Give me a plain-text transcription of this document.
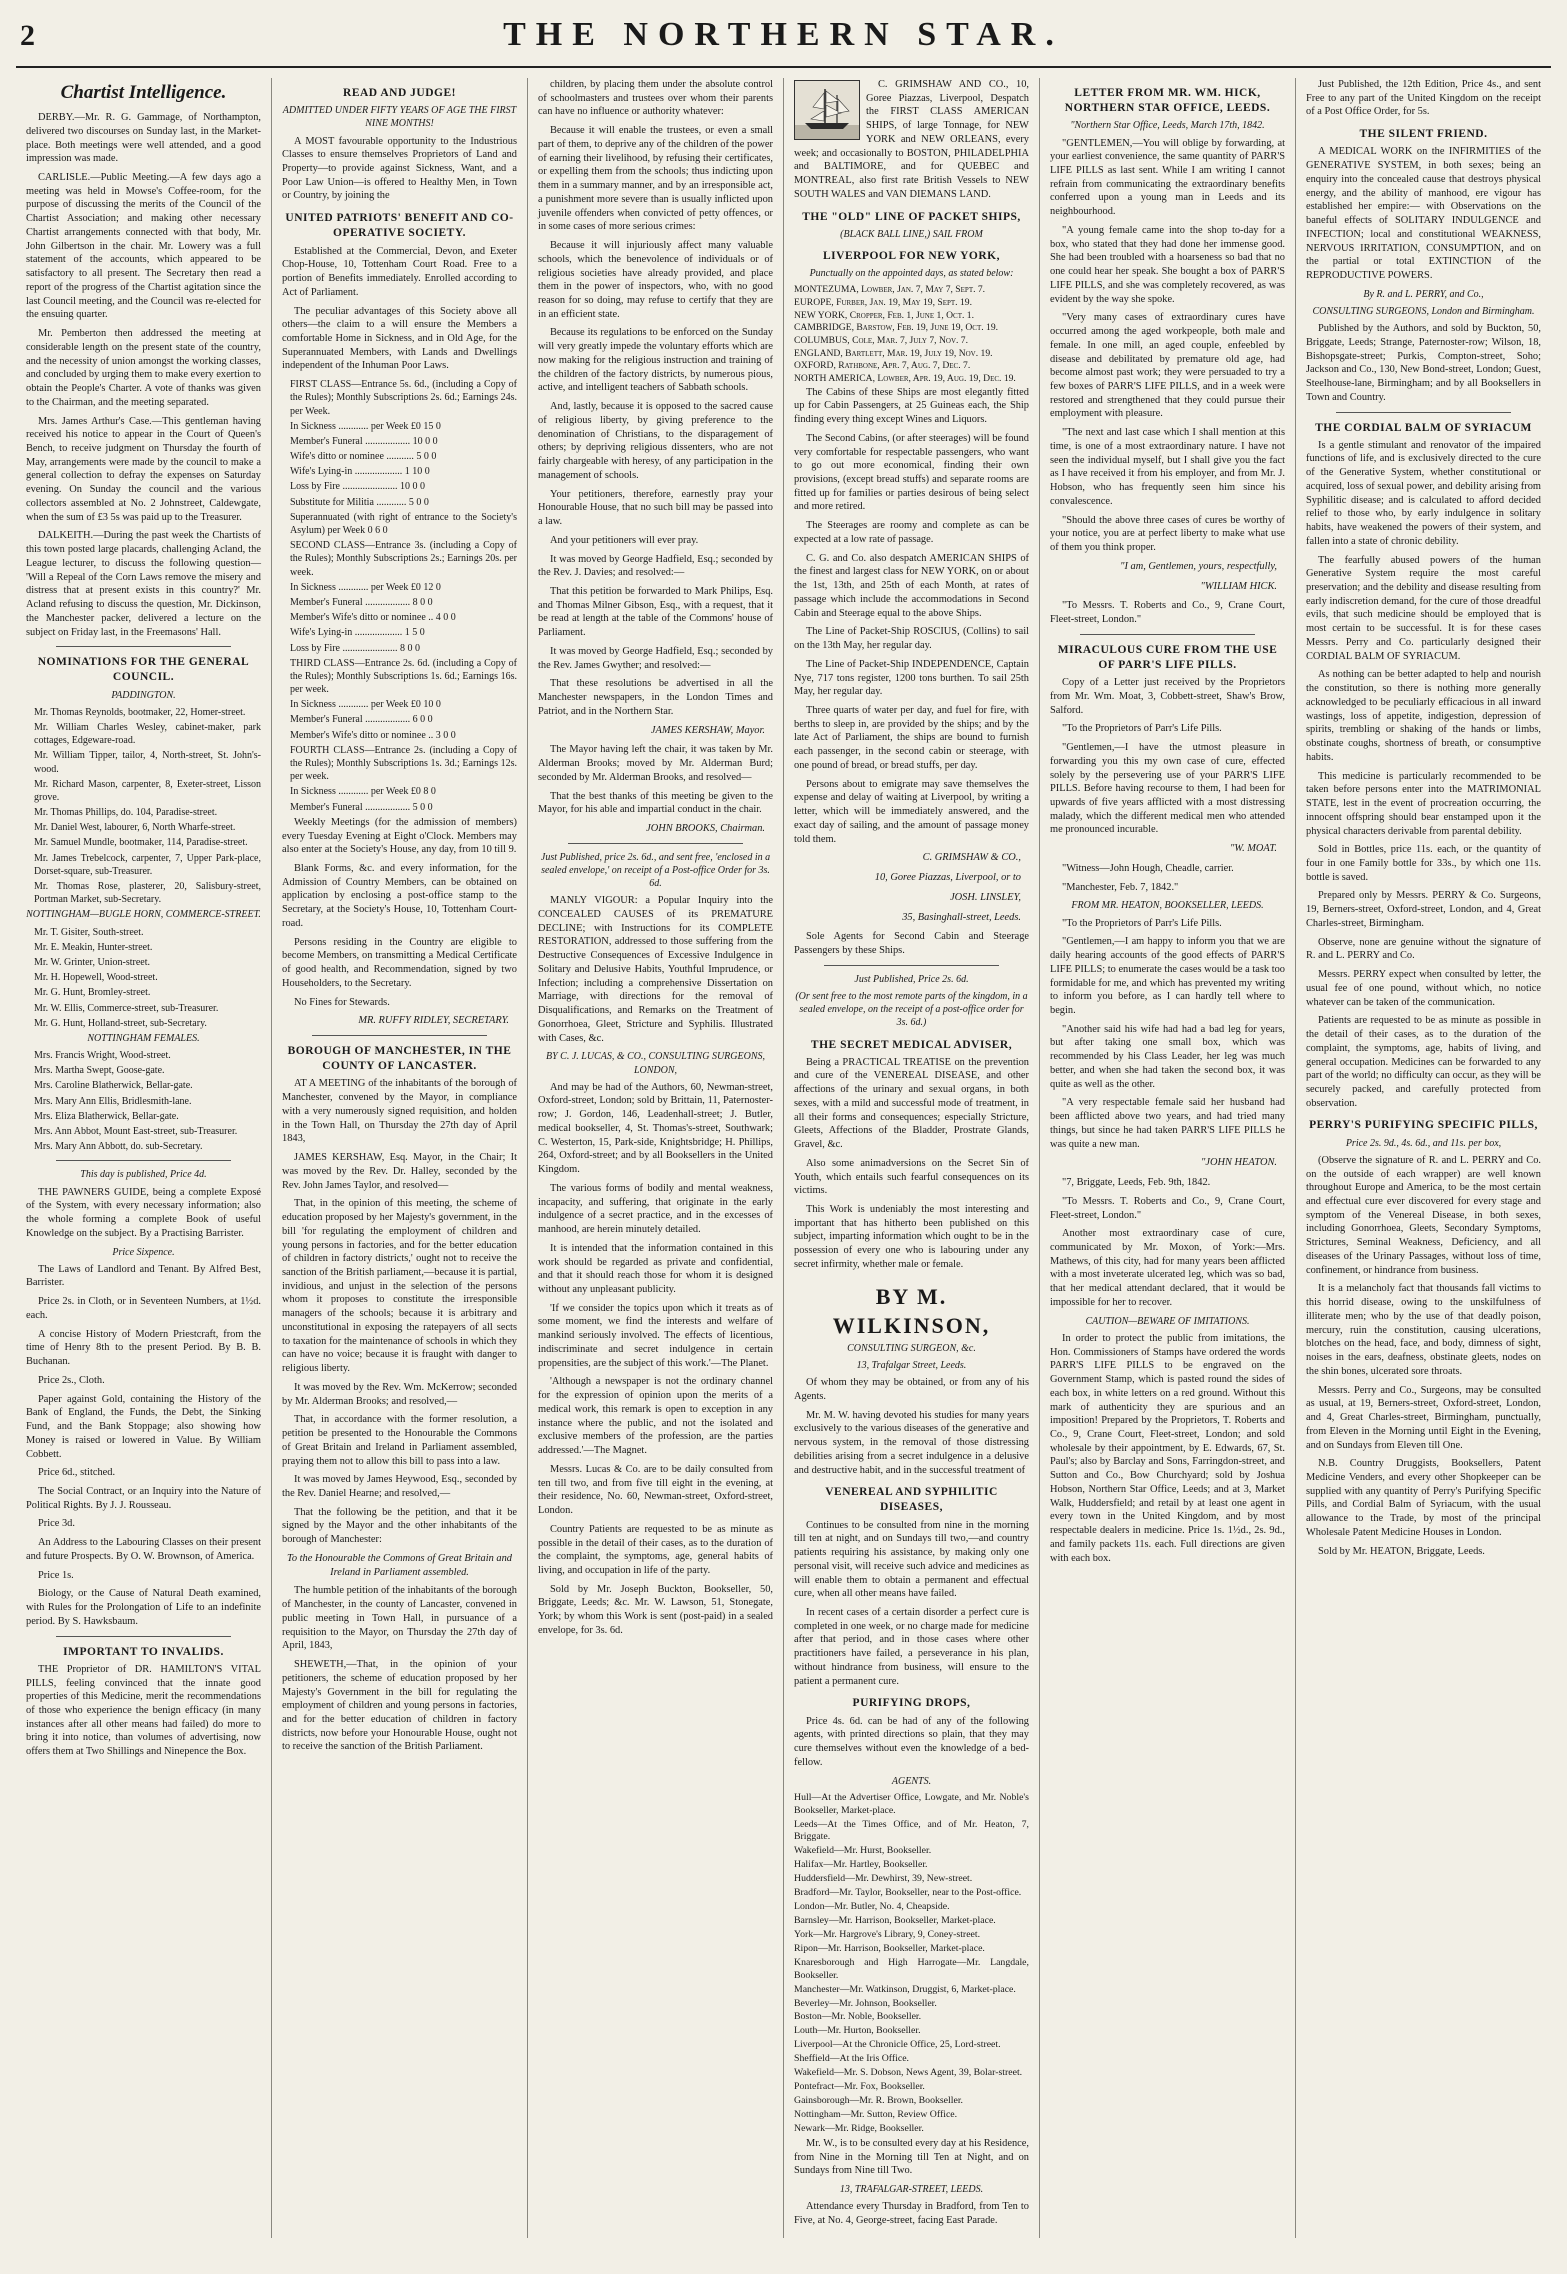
2	THE NORTHERN STAR.
Chartist Intelligence.

DERBY.—Mr. R. G. Gammage, of Northampton, delivered two discourses on Sunday last, in the Market-place. Both meetings were well attended, and a good impression was made.

CARLISLE.—Public Meeting.—A few days ago a meeting was held in Mowse's Coffee-room, for the purpose of discussing the merits of the Council of the Chartist Association; and making other necessary Chartist arrangements connected with that body, Mr. John Gilbertson in the chair. Mr. Lowery was a full statement of the accounts, which appeared to be satisfactory to all present. The Secretary then read a report of the progress of the Chartist agitation since the last Council meeting, and the Council was re-elected for the ensuing quarter.

Mr. Pemberton then addressed the meeting at considerable length on the present state of the country, and the necessity of union amongst the working classes, and concluded by urging them to make every exertion to obtain the People's Charter. A vote of thanks was given to the Chairman, and the meeting separated.

Mrs. James Arthur's Case.—This gentleman having received his notice to appear in the Court of Queen's Bench, to receive judgment on Thursday the fourth of May, arrangements were made by the council to make a general collection to defray the expenses on Saturday evening. On Sunday the council and the various collectors assembled at No. 2 Johnstreet, Caldewgate, when the sum of £3 5s was paid up to the Treasurer.

DALKEITH.—During the past week the Chartists of this town posted large placards, challenging Acland, the League lecturer, to discuss the following question— 'Will a Repeal of the Corn Laws remove the misery and distress that at present exists in this country?' Mr. Acland refusing to discuss the question, Mr. Dickinson, the Manchester packer, delivered a lecture on the subject on Friday last, in the Freemasons' Hall.

NOMINATIONS FOR THE GENERAL COUNCIL.
PADDINGTON.

Mr. Thomas Reynolds, bootmaker, 22, Homer-street.

Mr. William Charles Wesley, cabinet-maker, park cottages, Edgeware-road.

Mr. William Tipper, tailor, 4, North-street, St. John's-wood.

Mr. Richard Mason, carpenter, 8, Exeter-street, Lisson grove.

Mr. Thomas Phillips, do. 104, Paradise-street.

Mr. Daniel West, labourer, 6, North Wharfe-street.

Mr. Samuel Mundle, bootmaker, 114, Paradise-street.

Mr. James Trebelcock, carpenter, 7, Upper Park-place, Dorset-square, sub-Treasurer.

Mr. Thomas Rose, plasterer, 20, Salisbury-street, Portman Market, sub-Secretary.

NOTTINGHAM—BUGLE HORN, COMMERCE-STREET.

Mr. T. Gisiter, South-street.

Mr. E. Meakin, Hunter-street.

Mr. W. Grinter, Union-street.

Mr. H. Hopewell, Wood-street.

Mr. G. Hunt, Bromley-street.

Mr. W. Ellis, Commerce-street, sub-Treasurer.

Mr. G. Hunt, Holland-street, sub-Secretary.

NOTTINGHAM FEMALES.

Mrs. Francis Wright, Wood-street.

Mrs. Martha Swept, Goose-gate.

Mrs. Caroline Blatherwick, Bellar-gate.

Mrs. Mary Ann Ellis, Bridlesmith-lane.

Mrs. Eliza Blatherwick, Bellar-gate.

Mrs. Ann Abbot, Mount East-street, sub-Treasurer.

Mrs. Mary Ann Abbott, do. sub-Secretary.

This day is published, Price 4d.

THE PAWNERS GUIDE, being a complete Exposé of the System, with every necessary information; also the whole forming a complete Book of useful Knowledge on the subject. By a Practising Barrister.

Price Sixpence.

The Laws of Landlord and Tenant. By Alfred Best, Barrister.

Price 2s. in Cloth, or in Seventeen Numbers, at 1½d. each.

A concise History of Modern Priestcraft, from the time of Henry 8th to the present Period. By B. B. Buchanan.

Price 2s., Cloth.

Paper against Gold, containing the History of the Bank of England, the Funds, the Debt, the Sinking Fund, and the Bank Stoppage; also showing how Money is raised or lowered in Value. By William Cobbett.

Price 6d., stitched.

The Social Contract, or an Inquiry into the Nature of Political Rights. By J. J. Rousseau.

Price 3d.

An Address to the Labouring Classes on their present and future Prospects. By O. W. Brownson, of America.

Price 1s.

Biology, or the Cause of Natural Death examined, with Rules for the Prolongation of Life to an indefinite period. By S. Hawksbaum.

IMPORTANT TO INVALIDS.

THE Proprietor of DR. HAMILTON'S VITAL PILLS, feeling convinced that the innate good properties of this Medicine, merit the recommendations of those who experience the benign efficacy (in many instances after all other means had failed) do more to bring it into notice, than volumes of advertising, now offers them at Two Shillings and Ninepence the Box.

READ AND JUDGE!
ADMITTED UNDER FIFTY YEARS OF AGE THE FIRST NINE MONTHS!

A MOST favourable opportunity to the Industrious Classes to ensure themselves Proprietors of Land and Property—to provide against Sickness, Want, and a Poor Law Union—is offered to Healthy Men, in Town or Country, by joining the

UNITED PATRIOTS' BENEFIT AND CO-OPERATIVE SOCIETY.

Established at the Commercial, Devon, and Exeter Chop-House, 10, Tottenham Court Road. Free to a portion of Benefits immediately. Enrolled according to Act of Parliament.

The peculiar advantages of this Society above all others—the claim to a will ensure the Members a comfortable Home in Sickness, and in Old Age, for the Superannuated Members, with Lands and Dwellings independent of the Inhuman Poor Laws.

FIRST CLASS—Entrance 5s. 6d., (including a Copy of the Rules); Monthly Subscriptions 2s. 6d.; Earnings 24s. per Week.

In Sickness ............ per Week £0 15 0

Member's Funeral .................. 10 0 0

Wife's ditto or nominee ........... 5 0 0

Wife's Lying-in ................... 1 10 0

Loss by Fire ...................... 10 0 0

Substitute for Militia ............ 5 0 0

Superannuated (with right of entrance to the Society's Asylum) per Week 0 6 0

SECOND CLASS—Entrance 3s. (including a Copy of the Rules); Monthly Subscriptions 2s.; Earnings 20s. per week.

In Sickness ............ per Week £0 12 0

Member's Funeral .................. 8 0 0

Member's Wife's ditto or nominee .. 4 0 0

Wife's Lying-in ................... 1 5 0

Loss by Fire ...................... 8 0 0

THIRD CLASS—Entrance 2s. 6d. (including a Copy of the Rules); Monthly Subscriptions 1s. 6d.; Earnings 16s. per week.

In Sickness ............ per Week £0 10 0

Member's Funeral .................. 6 0 0

Member's Wife's ditto or nominee .. 3 0 0

FOURTH CLASS—Entrance 2s. (including a Copy of the Rules); Monthly Subscriptions 1s. 3d.; Earnings 12s. per week.

In Sickness ............ per Week £0 8 0

Member's Funeral .................. 5 0 0

Weekly Meetings (for the admission of members) every Tuesday Evening at Eight o'Clock. Members may also enter at the Society's House, any day, from 10 till 9.

Blank Forms, &c. and every information, for the Admission of Country Members, can be obtained on application by enclosing a post-office stamp to the Secretary, at the Society's House, 10, Tottenham Court-road.

Persons residing in the Country are eligible to become Members, on transmitting a Medical Certificate of good health, and Recommendation, signed by two Householders, to the Secretary.

No Fines for Stewards.

MR. RUFFY RIDLEY, SECRETARY.
BOROUGH OF MANCHESTER, IN THE COUNTY OF LANCASTER.

AT A MEETING of the inhabitants of the borough of Manchester, convened by the Mayor, in compliance with a very numerously signed requisition, and holden in the Town Hall, on Thursday the 27th day of April 1843,

JAMES KERSHAW, Esq. Mayor, in the Chair; It was moved by the Rev. Dr. Halley, seconded by the Rev. John James Taylor, and resolved—

That, in the opinion of this meeting, the scheme of education proposed by her Majesty's government, in the bill 'for regulating the employment of children and young persons in factories, and for the better education of children in factory districts,' ought not to receive the sanction of the British parliament,—because it is partial, invidious, and unjust in the selection of the persons whom it proposes to constitute the irresponsible managers of the schools; because it is arbitrary and unconstitutional in exposing the ratepayers of all sects to taxation for the maintenance of schools in which they can have no voice; because it is fraught with danger to religious liberty.

It was moved by the Rev. Wm. McKerrow; seconded by Mr. Alderman Brooks; and resolved,—

That, in accordance with the former resolution, a petition be presented to the Honourable the Commons of Great Britain and Ireland in Parliament assembled, praying them not to allow this bill to pass into a law.

It was moved by James Heywood, Esq., seconded by the Rev. Daniel Hearne; and resolved,—

That the following be the petition, and that it be signed by the Mayor and the other inhabitants of the borough of Manchester:

To the Honourable the Commons of Great Britain and Ireland in Parliament assembled.

The humble petition of the inhabitants of the borough of Manchester, in the county of Lancaster, convened in public meeting in Town Hall, in pursuance of a requisition to the Mayor, on Thursday the 27th day of April, 1843,

SHEWETH,—That, in the opinion of your petitioners, the scheme of education proposed by her Majesty's Government in the bill for regulating the employment of children and young persons in factories, and for the better education of children in factory districts, now before your Honourable House, ought not to receive the sanction of the British Parliament.

children, by placing them under the absolute control of schoolmasters and trustees over whom their parents can have no influence or authority whatever:

Because it will enable the trustees, or even a small part of them, to deprive any of the children of the power of earning their livelihood, by refusing their certificates, or expelling them from the schools; thus indicting upon them in a summary manner, and by an irresponsible act, a punishment more severe than is usually inflicted upon juvenile offenders when convicted of petty offences, or in some cases of more serious crimes:

Because it will injuriously affect many valuable schools, which the benevolence of individuals or of religious societies have already provided, and place them in the power of inspectors, who, with no good reason for so doing, may refuse to certify that they are in an efficient state.

Because its regulations to be enforced on the Sunday will very greatly impede the voluntary efforts which are now making for the religious instruction and training of the children of the factory districts, by numerous pious, active, and intelligent teachers of Sabbath schools.

And, lastly, because it is opposed to the sacred cause of religious liberty, by giving preference to the denomination of Christians, to the disparagement of others; by depriving religious dissenters, who are not fairly chargeable with heresy, of any participation in the management of schools.

Your petitioners, therefore, earnestly pray your Honourable House, that no such bill may be passed into a law.

And your petitioners will ever pray.

It was moved by George Hadfield, Esq.; seconded by the Rev. J. Davies; and resolved:—

That this petition be forwarded to Mark Philips, Esq. and Thomas Milner Gibson, Esq., with a request, that it be read at length at the table of the Commons' house of Parliament.

It was moved by George Hadfield, Esq.; seconded by the Rev. James Gwyther; and resolved:—

That these resolutions be advertised in all the Manchester newspapers, in the London Times and Patriot, and in the Northern Star.

JAMES KERSHAW, Mayor.

The Mayor having left the chair, it was taken by Mr. Alderman Brooks; moved by Mr. Alderman Burd; seconded by Mr. Alderman Brooks, and resolved—

That the best thanks of this meeting be given to the Mayor, for his able and impartial conduct in the chair.

JOHN BROOKS, Chairman.
Just Published, price 2s. 6d., and sent free, 'enclosed in a sealed envelope,' on receipt of a Post-office Order for 3s. 6d.

MANLY VIGOUR: a Popular Inquiry into the CONCEALED CAUSES of its PREMATURE DECLINE; with Instructions for its COMPLETE RESTORATION, addressed to those suffering from the Destructive Consequences of Excessive Indulgence in Solitary and Delusive Habits, Youthful Imprudence, or Infection; including a comprehensive Dissertation on Marriage, with directions for the removal of Disqualifications, and Remarks on the Treatment of Gonorrhoea, Gleet, Stricture and Syphilis. Illustrated with Cases, &c.

BY C. J. LUCAS, & CO., CONSULTING SURGEONS, LONDON,

And may be had of the Authors, 60, Newman-street, Oxford-street, London; sold by Brittain, 11, Paternoster-row; J. Gordon, 146, Leadenhall-street; J. Butler, medical bookseller, 4, St. Thomas's-street, Southwark; C. Westerton, 15, Park-side, Knightsbridge; H. Phillips, 264, Oxford-street; and by all Booksellers in the United Kingdom.

The various forms of bodily and mental weakness, incapacity, and suffering, that originate in the early indulgence of a secret practice, and in the excesses of manhood, are herein minutely detailed.

It is intended that the information contained in this work should be regarded as private and confidential, and that it should reach those for whom it is designed without any unpleasant publicity.

'If we consider the topics upon which it treats as of some moment, we find the interests and welfare of mankind seriously involved. The effects of licentious, indiscriminate and secret indulgence in certain propensities, are the subject of this work.'—The Planet.

'Although a newspaper is not the ordinary channel for the expression of opinion upon the merits of a medical work, this remark is open to exception in any instance where the public, and not the isolated and exclusive members of the profession, are the parties addressed.'—The Magnet.

Messrs. Lucas & Co. are to be daily consulted from ten till two, and from five till eight in the evening, at their residence, No. 60, Newman-street, Oxford-street, London.

Country Patients are requested to be as minute as possible in the detail of their cases, as to the duration of the complaint, the symptoms, age, general habits of living, and occupation in life of the party.

Sold by Mr. Joseph Buckton, Bookseller, 50, Briggate, Leeds; &c. Mr. W. Lawson, 51, Stonegate, York; by whom this Work is sent (post-paid) in a sealed envelope, for 3s. 6d.

C. GRIMSHAW AND CO., 10, Goree Piazzas, Liverpool, Despatch the FIRST CLASS AMERICAN SHIPS, of large Tonnage, for NEW YORK and NEW ORLEANS, every week; and occasionally to BOSTON, PHILADELPHIA and BALTIMORE, and for QUEBEC and MONTREAL, also first rate British Vessels to NEW SOUTH WALES and VAN DIEMANS LAND.

THE "OLD" LINE OF PACKET SHIPS,
(BLACK BALL LINE,) SAIL FROM
LIVERPOOL FOR NEW YORK,
Punctually on the appointed days, as stated below:
MONTEZUMA, Lowber, Jan. 7, May 7, Sept. 7.
EUROPE, Furber, Jan. 19, May 19, Sept. 19.
NEW YORK, Cropper, Feb. 1, June 1, Oct. 1.
CAMBRIDGE, Barstow, Feb. 19, June 19, Oct. 19.
COLUMBUS, Cole, Mar. 7, July 7, Nov. 7.
ENGLAND, Bartlett, Mar. 19, July 19, Nov. 19.
OXFORD, Rathbone, Apr. 7, Aug. 7, Dec. 7.
NORTH AMERICA, Lowber, Apr. 19, Aug. 19, Dec. 19.

The Cabins of these Ships are most elegantly fitted up for Cabin Passengers, at 25 Guineas each, the Ship finding every thing except Wines and Liquors.

The Second Cabins, (or after steerages) will be found very comfortable for respectable passengers, who want to go out more economical, finding their own provisions, (except bread stuffs) and separate rooms are fitted up for families or parties desirous of being select and more retired.

The Steerages are roomy and complete as can be expected at a low rate of passage.

C. G. and Co. also despatch AMERICAN SHIPS of the finest and largest class for NEW YORK, on or about the 1st, 13th, and 25th of each Month, at rates of passage which include the accommodations in Second Cabin and Steerage equal to the above Ships.

The Line of Packet-Ship ROSCIUS, (Collins) to sail on the 13th May, her regular day.

The Line of Packet-Ship INDEPENDENCE, Captain Nye, 717 tons register, 1200 tons burthen. To sail 25th May, her regular day.

Three quarts of water per day, and fuel for fire, with berths to sleep in, are provided by the ships; and by the late Act of Parliament, the ships are bound to furnish each passenger, in the second cabin or steerage, with one pound of bread, or bread stuffs, per day.

Persons about to emigrate may save themselves the expense and delay of waiting at Liverpool, by writing a letter, which will be immediately answered, and the exact day of sailing, and the amount of passage money told them.

C. GRIMSHAW & CO.,
10, Goree Piazzas, Liverpool, or to
JOSH. LINSLEY,
35, Basinghall-street, Leeds.

Sole Agents for Second Cabin and Steerage Passengers by these Ships.

Just Published, Price 2s. 6d.
(Or sent free to the most remote parts of the kingdom, in a sealed envelope, on the receipt of a post-office order for 3s. 6d.)
THE SECRET MEDICAL ADVISER,

Being a PRACTICAL TREATISE on the prevention and cure of the VENEREAL DISEASE, and other affections of the urinary and sexual organs, in both sexes, with a mild and successful mode of treatment, in all their forms and consequences; especially Stricture, Gleets, Affections of the Bladder, Prostrate Glands, Gravel, &c.

Also some animadversions on the Secret Sin of Youth, which entails such fearful consequences on its victims.

This Work is undeniably the most interesting and important that has hitherto been published on this subject, imparting information which ought to be in the possession of every one who is labouring under any secret infirmity, whether male or female.

BY M. WILKINSON,
CONSULTING SURGEON, &c.
13, Trafalgar Street, Leeds.

Of whom they may be obtained, or from any of his Agents.

Mr. M. W. having devoted his studies for many years exclusively to the various diseases of the generative and nervous system, in the removal of those distressing debilities arising from a secret indulgence in a delusive and destructive habit, and in the successful treatment of

VENEREAL AND SYPHILITIC DISEASES,

Continues to be consulted from nine in the morning till ten at night, and on Sundays till two,—and country patients requiring his assistance, by making only one personal visit, will receive such advice and medicines as will enable them to obtain a permanent and effectual cure, when all other means have failed.

In recent cases of a certain disorder a perfect cure is completed in one week, or no charge made for medicine after that period, and in those cases where other practitioners have failed, a perseverance in his plan, without hindrance from business, will ensure to the patient a permanent cure.

PURIFYING DROPS,

Price 4s. 6d. can be had of any of the following agents, with printed directions so plain, that they may cure themselves without even the knowledge of a bed-fellow.

AGENTS.

Hull—At the Advertiser Office, Lowgate, and Mr. Noble's Bookseller, Market-place.

Leeds—At the Times Office, and of Mr. Heaton, 7, Briggate.

Wakefield—Mr. Hurst, Bookseller.

Halifax—Mr. Hartley, Bookseller.

Huddersfield—Mr. Dewhirst, 39, New-street.

Bradford—Mr. Taylor, Bookseller, near to the Post-office.

London—Mr. Butler, No. 4, Cheapside.

Barnsley—Mr. Harrison, Bookseller, Market-place.

York—Mr. Hargrove's Library, 9, Coney-street.

Ripon—Mr. Harrison, Bookseller, Market-place.

Knaresborough and High Harrogate—Mr. Langdale, Bookseller.

Manchester—Mr. Watkinson, Druggist, 6, Market-place.

Beverley—Mr. Johnson, Bookseller.

Boston—Mr. Noble, Bookseller.

Louth—Mr. Hurton, Bookseller.

Liverpool—At the Chronicle Office, 25, Lord-street.

Sheffield—At the Iris Office.

Wakefield—Mr. S. Dobson, News Agent, 39, Bolar-street.

Pontefract—Mr. Fox, Bookseller.

Gainsborough—Mr. R. Brown, Bookseller.

Nottingham—Mr. Sutton, Review Office.

Newark—Mr. Ridge, Bookseller.

Mr. W., is to be consulted every day at his Residence, from Nine in the Morning till Ten at Night, and on Sundays from Nine till Two.

13, TRAFALGAR-STREET, LEEDS.

Attendance every Thursday in Bradford, from Ten to Five, at No. 4, George-street, facing East Parade.

LETTER FROM MR. WM. HICK, NORTHERN STAR OFFICE, LEEDS.
"Northern Star Office, Leeds, March 17th, 1842.

"GENTLEMEN,—You will oblige by forwarding, at your earliest convenience, the same quantity of PARR'S LIFE PILLS as last sent. While I am writing I cannot refrain from communicating the extraordinary benefits conferred upon a young man in Leeds and its neighbourhood.

"A young female came into the shop to-day for a box, who stated that they had done her immense good. She had been troubled with a hoarseness so bad that no one could hear her speak. She bought a box of PARR'S LIFE PILLS, and she was completely recovered, as was evident by the way she spoke.

"Very many cases of extraordinary cures have occurred among the aged workpeople, both male and female. In one mill, an aged couple, enfeebled by disease and debilitated by premature old age, had become almost past work; they were persuaded to try a few boxes of PARR'S LIFE PILLS, and in a week were restored and strengthened that they could pursue their employment with pleasure.

"The next and last case which I shall mention at this time, is one of a most extraordinary nature. I have not seen the individual myself, but I shall give you the fact as I have received it from his employer, and from Mr. J. Hobson, who has frequently seen him since his convalescence.

"Should the above three cases of cures be worthy of your notice, you are at perfect liberty to make what use of them you think proper.

"I am, Gentlemen, yours, respectfully,
"WILLIAM HICK.

"To Messrs. T. Roberts and Co., 9, Crane Court, Fleet-street, London."

MIRACULOUS CURE FROM THE USE OF PARR'S LIFE PILLS.

Copy of a Letter just received by the Proprietors from Mr. Wm. Moat, 3, Cobbett-street, Shaw's Brow, Salford.

"To the Proprietors of Parr's Life Pills.

"Gentlemen,—I have the utmost pleasure in forwarding you this my own case of cure, effected solely by the persevering use of your PARR'S LIFE PILLS. Before having recourse to them, I had been for upwards of five years afflicted with a most distressing malady, which the different medical men who attended me pronounced incurable.

"W. MOAT.

"Witness—John Hough, Cheadle, carrier.

"Manchester, Feb. 7, 1842."

FROM MR. HEATON, BOOKSELLER, LEEDS.

"To the Proprietors of Parr's Life Pills.

"Gentlemen,—I am happy to inform you that we are daily hearing accounts of the good effects of PARR'S LIFE PILLS; to enumerate the cases would be a task too formidable for me, and which has prevented my writing to inform you before, as I can hardly tell where to begin.

"Another said his wife had had a bad leg for years, but after taking one small box, which was recommended by his Class Leader, her leg was much better, and when she had taken the second box, it was quite as well as the other.

"A very respectable female said her husband had been afflicted above two years, and had tried many things, but since he had taken PARR'S LIFE PILLS he was quite a new man.

"JOHN HEATON.

"7, Briggate, Leeds, Feb. 9th, 1842.

"To Messrs. T. Roberts and Co., 9, Crane Court, Fleet-street, London."

Another most extraordinary case of cure, communicated by Mr. Moxon, of York:—Mrs. Mathews, of this city, had for many years been afflicted with a most inveterate ulcerated leg, which was so bad, that her medical attendant declared, that it would be impossible for her to recover.

CAUTION—BEWARE OF IMITATIONS.

In order to protect the public from imitations, the Hon. Commissioners of Stamps have ordered the words PARR'S LIFE PILLS to be engraved on the Government Stamp, which is pasted round the sides of each box, in white letters on a red ground. Without this mark of authenticity they are spurious and an imposition! Prepared by the Proprietors, T. Roberts and Co., 9, Crane Court, Fleet-street, London; and sold wholesale by their appointment, by E. Edwards, 67, St. Paul's; also by Barclay and Sons, Farringdon-street, and Sutton and Co., Bow Churchyard; sold by Joshua Hobson, Northern Star Office, Leeds; and at 3, Market Walk, Huddersfield; and retail by at least one agent in every town in the United Kingdom, and by most respectable dealers in medicine. Price 1s. 1½d., 2s. 9d., and family packets 11s. each. Full directions are given with each box.

Just Published, the 12th Edition, Price 4s., and sent Free to any part of the United Kingdom on the receipt of a Post Office Order, for 5s.

THE SILENT FRIEND.

A MEDICAL WORK on the INFIRMITIES of the GENERATIVE SYSTEM, in both sexes; being an enquiry into the concealed cause that destroys physical energy, and the ability of manhood, ere vigour has established her empire:— with Observations on the baneful effects of SOLITARY INDULGENCE and INFECTION; local and constitutional WEAKNESS, NERVOUS IRRITATION, CONSUMPTION, and on the partial or total EXTINCTION of the REPRODUCTIVE POWERS.

By R. and L. PERRY, and Co.,
CONSULTING SURGEONS, London and Birmingham.

Published by the Authors, and sold by Buckton, 50, Briggate, Leeds; Strange, Paternoster-row; Wilson, 18, Bishopsgate-street; Purkis, Compton-street, Soho; Jackson and Co., 130, New Bond-street, London; Guest, Steelhouse-lane, Birmingham; and by all Booksellers in Town and Country.

THE CORDIAL BALM OF SYRIACUM

Is a gentle stimulant and renovator of the impaired functions of life, and is exclusively directed to the cure of the Generative System, whether constitutional or acquired, loss of sexual power, and debility arising from Syphilitic disease; and is calculated to afford decided relief to those who, by early indulgence in solitary habits, have weakened the powers of their system, and fallen into a state of chronic debility.

The fearfully abused powers of the human Generative System require the most careful preservation; and the debility and disease resulting from early indiscretion demand, for the cure of those dreadful evils, that such medicine should be employed that is most certain to be successful. It is for these cases Messrs. Perry and Co. particularly designed their CORDIAL BALM OF SYRIACUM.

As nothing can be better adapted to help and nourish the constitution, so there is nothing more generally acknowledged to be peculiarly efficacious in all inward wastings, loss of appetite, indigestion, depression of spirits, trembling or shaking of the hands or limbs, obstinate coughs, shortness of breath, or consumptive habits.

This medicine is particularly recommended to be taken before persons enter into the MATRIMONIAL STATE, lest in the event of procreation occurring, the innocent offspring should bear enstamped upon it the physical characters derivable from parental debility.

Sold in Bottles, price 11s. each, or the quantity of four in one Family bottle for 33s., by which one 11s. bottle is saved.

Prepared only by Messrs. PERRY & Co. Surgeons, 19, Berners-street, Oxford-street, London, and 4, Great Charles-street, Birmingham.

Observe, none are genuine without the signature of R. and L. PERRY and Co.

Messrs. PERRY expect when consulted by letter, the usual fee of one pound, without which, no notice whatever can be taken of the communication.

Patients are requested to be as minute as possible in the detail of their cases, as to the duration of the complaint, the symptoms, age, habits of living, and general occupation. Medicines can be forwarded to any part of the world; no difficulty can occur, as they will be securely packed, and carefully protected from observation.

PERRY'S PURIFYING SPECIFIC PILLS,
Price 2s. 9d., 4s. 6d., and 11s. per box,

(Observe the signature of R. and L. PERRY and Co. on the outside of each wrapper) are well known throughout Europe and America, to be the most certain and effectual cure ever discovered for every stage and symptom of the Venereal Disease, in both sexes, including Gonorrhoea, Gleets, Secondary Symptoms, Strictures, Seminal Weakness, Deficiency, and all diseases of the Urinary Passages, without loss of time, confinement, or hindrance from business.

It is a melancholy fact that thousands fall victims to this horrid disease, owing to the unskilfulness of illiterate men; who by the use of that deadly poison, mercury, ruin the constitution, causing ulcerations, blotches on the head, face, and body, dimness of sight, noises in the ears, deafness, obstinate gleets, nodes on the shin bones, ulcerated sore throats.

Messrs. Perry and Co., Surgeons, may be consulted as usual, at 19, Berners-street, Oxford-street, London, and 4, Great Charles-street, Birmingham, punctually, from Eleven in the Morning until Eight in the Evening, and on Sundays from Eleven till One.

N.B. Country Druggists, Booksellers, Patent Medicine Venders, and every other Shopkeeper can be supplied with any quantity of Perry's Purifying Specific Pills, and Cordial Balm of Syriacum, with the usual allowance to the Trade, by most of the principal Wholesale Patent Medicine Houses in London.

Sold by Mr. HEATON, Briggate, Leeds.
